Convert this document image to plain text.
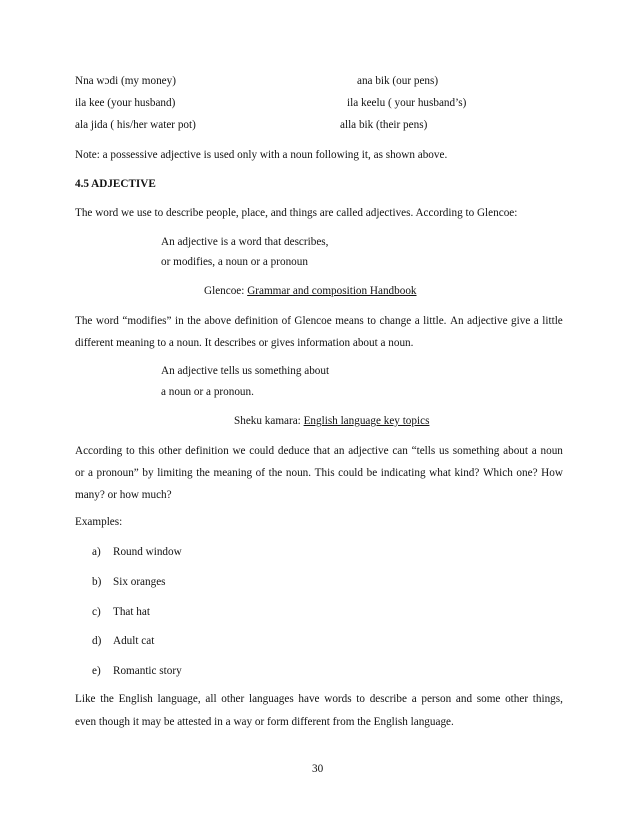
Nna wɔdi (my money)	ana bik (our pens)
ila kee (your husband)	ila keelu ( your husband’s)
ala jida ( his/her water pot)	alla bik (their pens)
Note: a possessive adjective is used only with a noun following it, as shown above.
4.5 ADJECTIVE
The word we use to describe people, place, and things are called adjectives. According to Glencoe:
An adjective is a word that describes,
or modifies, a noun or a pronoun
Glencoe: Grammar and composition Handbook
The word “modifies” in the above definition of Glencoe means to change a little. An adjective give a little
different meaning to a noun. It describes or gives information about a noun.
An adjective tells us something about
a noun or a pronoun.
Sheku kamara: English language key topics
According to this other definition we could deduce that an adjective can “tells us something about a noun
or a pronoun” by limiting the meaning of the noun. This could be indicating what kind? Which one? How
many? or how much?
Examples:
a) Round window
b) Six oranges
c) That hat
d) Adult cat
e) Romantic story
Like the English language, all other languages have words to describe a person and some other things,
even though it may be attested in a way or form different from the English language.
30
